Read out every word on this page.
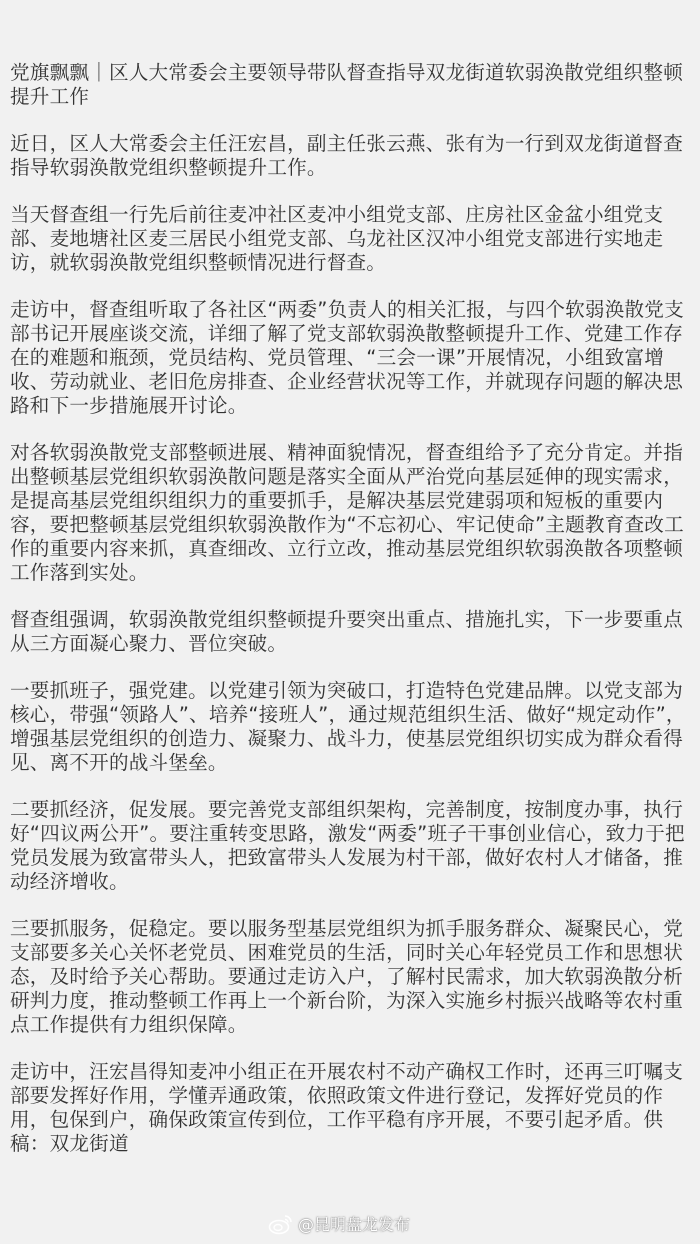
党旗飘飘｜区人大常委会主要领导带队督查指导双龙街道软弱涣散党组织整顿
提升工作
近日，区人大常委会主任汪宏昌，副主任张云燕、张有为一行到双龙街道督查
指导软弱涣散党组织整顿提升工作。
当天督查组一行先后前往麦冲社区麦冲小组党支部、庄房社区金盆小组党支
部、麦地塘社区麦三居民小组党支部、乌龙社区汉冲小组党支部进行实地走
访，就软弱涣散党组织整顿情况进行督查。
走访中，督查组听取了各社区“两委”负责人的相关汇报，与四个软弱涣散党支
部书记开展座谈交流，详细了解了党支部软弱涣散整顿提升工作、党建工作存
在的难题和瓶颈，党员结构、党员管理、“三会一课”开展情况，小组致富增
收、劳动就业、老旧危房排查、企业经营状况等工作，并就现存问题的解决思
路和下一步措施展开讨论。
对各软弱涣散党支部整顿进展、精神面貌情况，督查组给予了充分肯定。并指
出整顿基层党组织软弱涣散问题是落实全面从严治党向基层延伸的现实需求，
是提高基层党组织组织力的重要抓手，是解决基层党建弱项和短板的重要内
容，要把整顿基层党组织软弱涣散作为“不忘初心、牢记使命”主题教育查改工
作的重要内容来抓，真查细改、立行立改，推动基层党组织软弱涣散各项整顿
工作落到实处。
督查组强调，软弱涣散党组织整顿提升要突出重点、措施扎实，下一步要重点
从三方面凝心聚力、晋位突破。
一要抓班子，强党建。以党建引领为突破口，打造特色党建品牌。以党支部为
核心，带强“领路人”、培养“接班人”，通过规范组织生活、做好“规定动作”，
增强基层党组织的创造力、凝聚力、战斗力，使基层党组织切实成为群众看得
见、离不开的战斗堡垒。
二要抓经济，促发展。要完善党支部组织架构，完善制度，按制度办事，执行
好“四议两公开”。要注重转变思路，激发“两委”班子干事创业信心，致力于把
党员发展为致富带头人，把致富带头人发展为村干部，做好农村人才储备，推
动经济增收。
三要抓服务，促稳定。要以服务型基层党组织为抓手服务群众、凝聚民心，党
支部要多关心关怀老党员、困难党员的生活，同时关心年轻党员工作和思想状
态，及时给予关心帮助。要通过走访入户，了解村民需求，加大软弱涣散分析
研判力度，推动整顿工作再上一个新台阶，为深入实施乡村振兴战略等农村重
点工作提供有力组织保障。
走访中，汪宏昌得知麦冲小组正在开展农村不动产确权工作时，还再三叮嘱支
部要发挥好作用，学懂弄通政策，依照政策文件进行登记，发挥好党员的作
用，包保到户，确保政策宣传到位，工作平稳有序开展，不要引起矛盾。供
稿：双龙街道
@昆明盘龙发布
